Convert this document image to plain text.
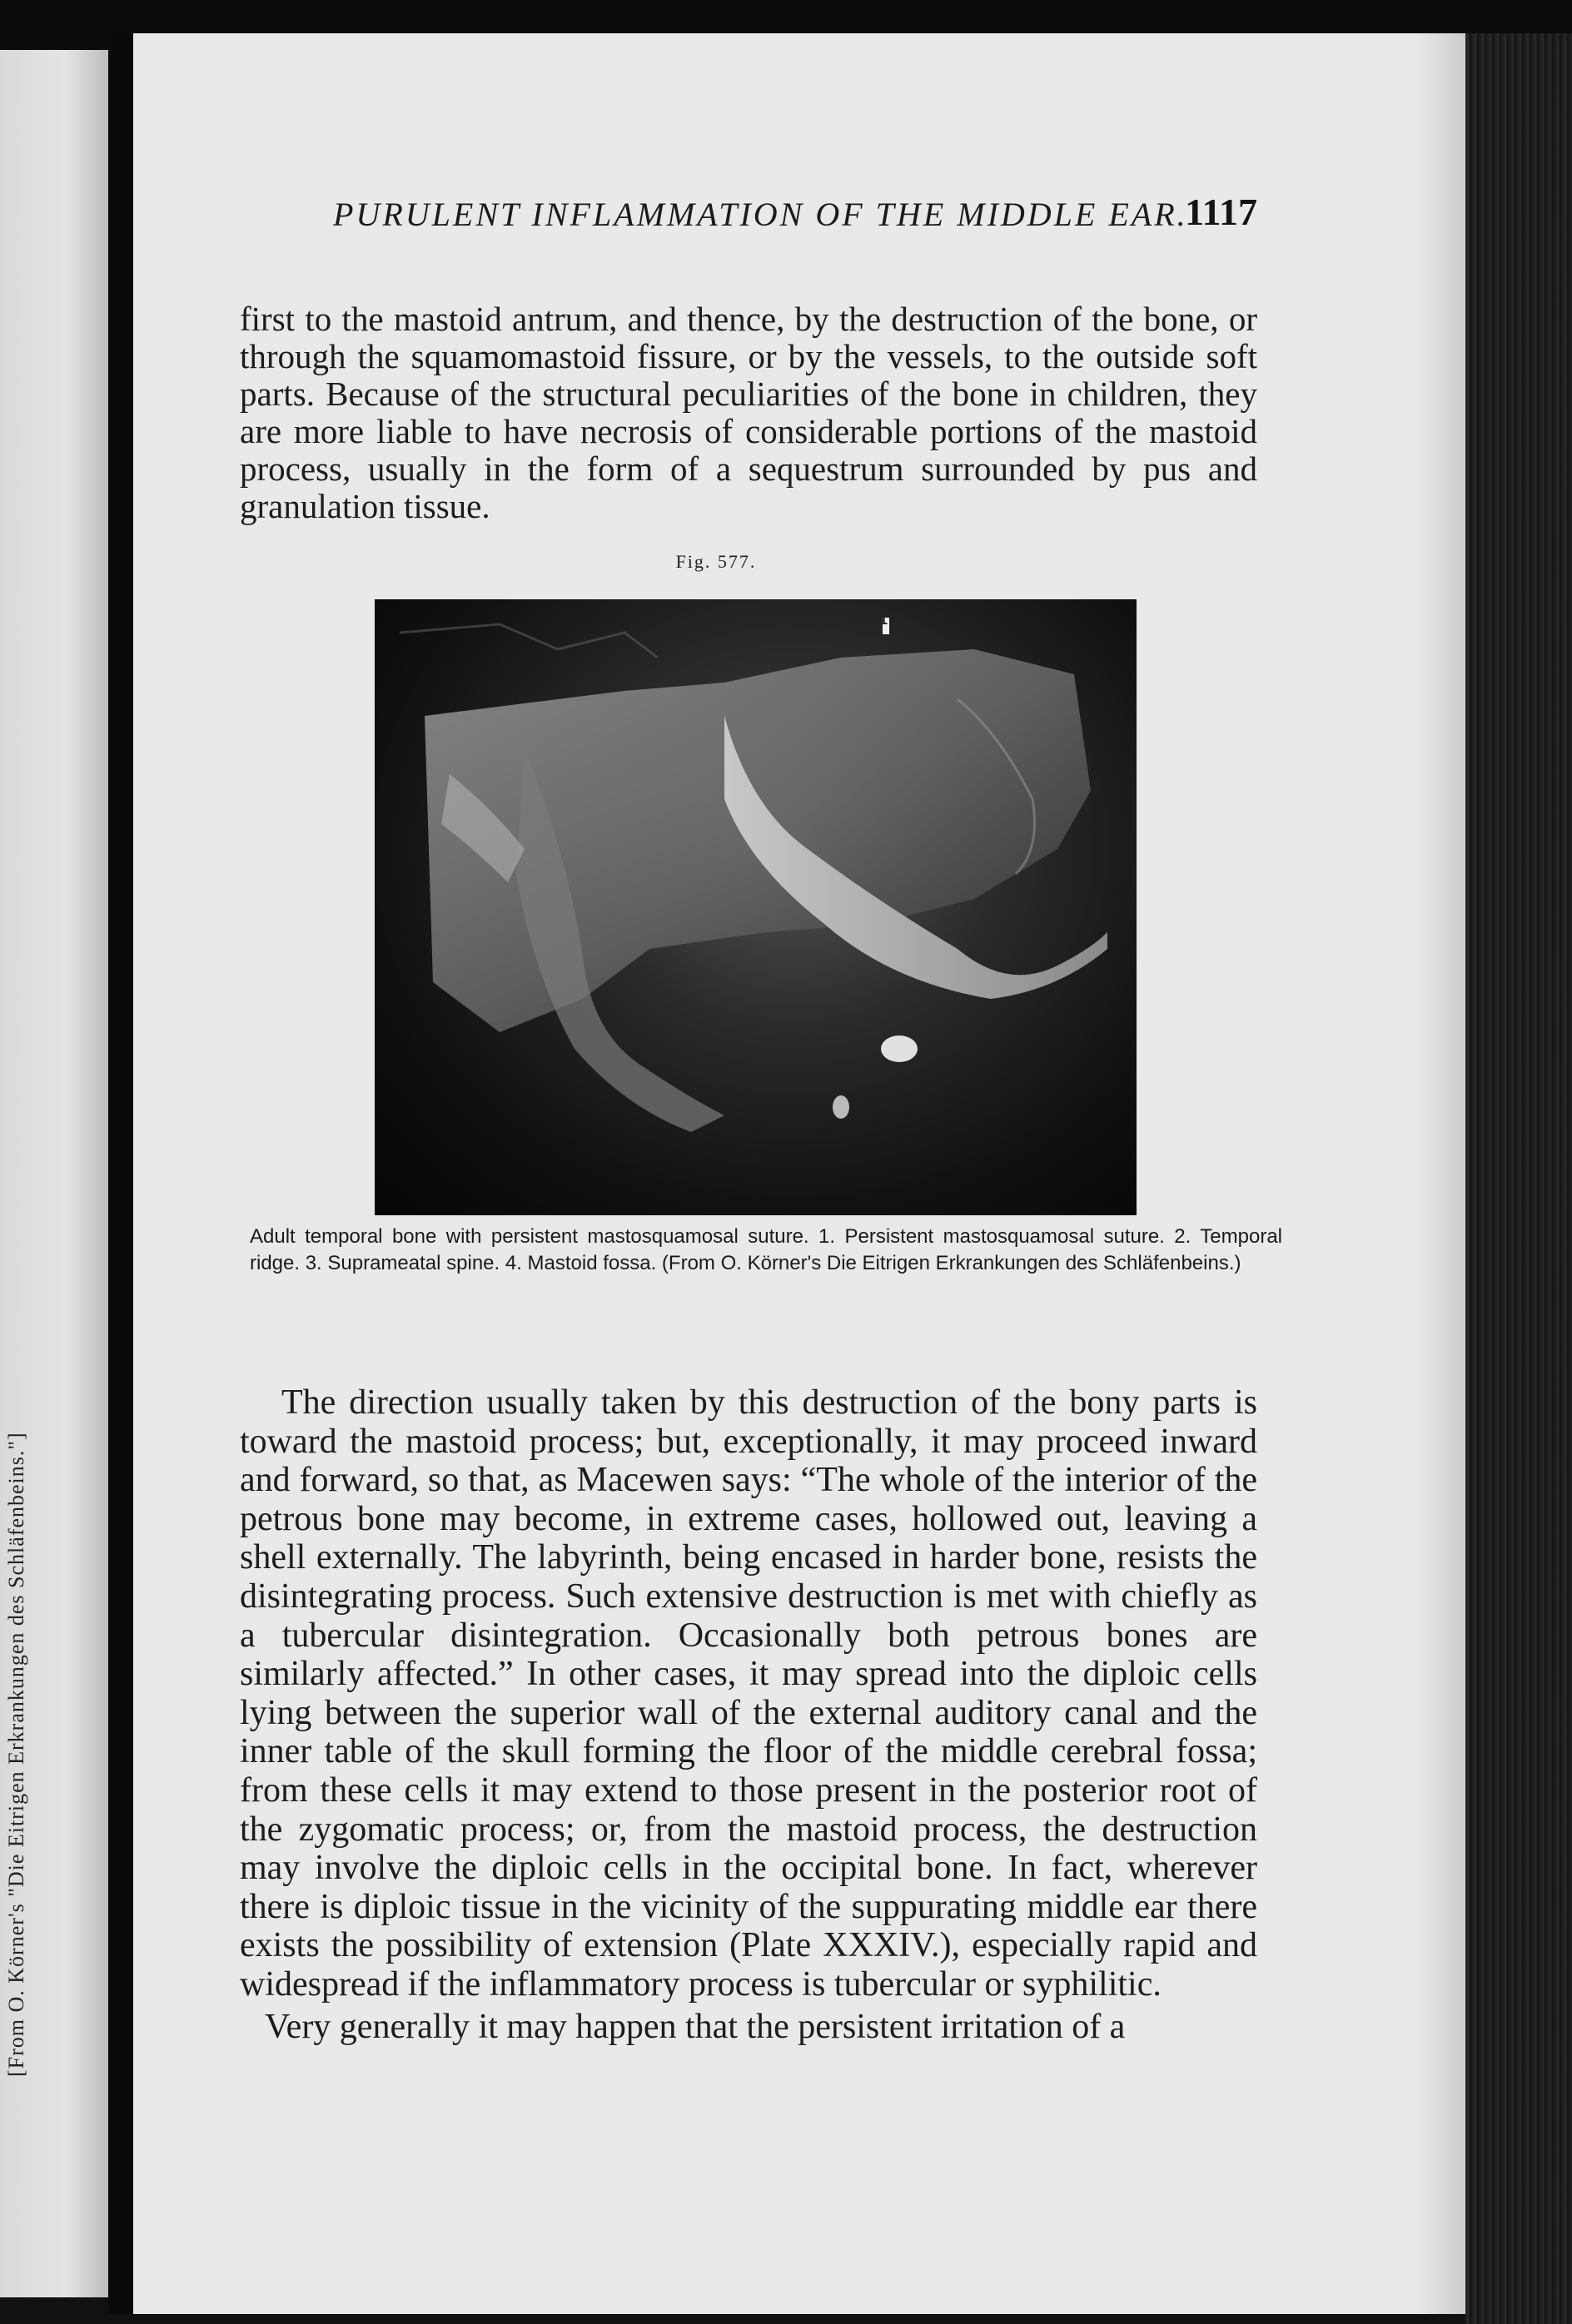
[From O. Körner's "Die Eitrigen Erkrankungen des Schläfenbeins."]
PURULENT INFLAMMATION OF THE MIDDLE EAR.
1117

first to the mastoid antrum, and thence, by the destruction of the bone, or through the squamomastoid fissure, or by the vessels, to the outside soft parts. Because of the structural peculiarities of the bone in children, they are more liable to have necrosis of considerable portions of the mastoid process, usually in the form of a sequestrum surrounded by pus and granulation tissue.

Fig. 577.
1
Adult temporal bone with persistent mastosquamosal suture. 1. Persistent mastosquamosal suture. 2. Temporal ridge. 3. Suprameatal spine. 4. Mastoid fossa. (From O. Körner's Die Eitrigen Erkrankungen des Schläfenbeins.)

The direction usually taken by this destruction of the bony parts is toward the mastoid process; but, exceptionally, it may proceed inward and forward, so that, as Macewen says: “The whole of the interior of the petrous bone may become, in extreme cases, hollowed out, leaving a shell externally. The labyrinth, being encased in harder bone, resists the disintegrating process. Such extensive destruction is met with chiefly as a tubercular disintegration. Occasionally both petrous bones are similarly affected.” In other cases, it may spread into the diploic cells lying between the superior wall of the external auditory canal and the inner table of the skull forming the floor of the middle cerebral fossa; from these cells it may extend to those present in the posterior root of the zygomatic process; or, from the mastoid process, the destruction may involve the diploic cells in the occipital bone. In fact, wherever there is diploic tissue in the vicinity of the suppurating middle ear there exists the possibility of extension (Plate XXXIV.), especially rapid and widespread if the inflammatory process is tubercular or syphilitic.

Very generally it may happen that the persistent irritation of a
